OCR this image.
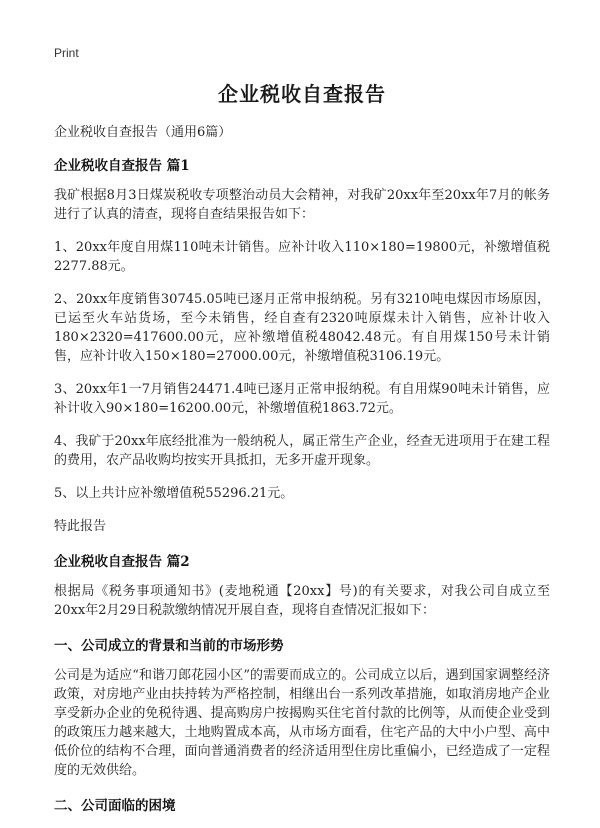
Print
企业税收自查报告
企业税收自查报告（通用6篇）
企业税收自查报告 篇1
我矿根据8月3日煤炭税收专项整治动员大会精神，对我矿20xx年至20xx年7月的帐务进行了认真的清查，现将自查结果报告如下：
1、20xx年度自用煤110吨未计销售。应补计收入110×180=19800元，补缴增值税2277.88元。
2、20xx年度销售30745.05吨已逐月正常申报纳税。另有3210吨电煤因市场原因，已运至火车站货场，至今未销售，经自查有2320吨原煤未计入销售，应补计收入180×2320=417600.00元，应补缴增值税48042.48元。有自用煤150号未计销售，应补计收入150×180=27000.00元，补缴增值税3106.19元。
3、20xx年1一7月销售24471.4吨已逐月正常申报纳税。有自用煤90吨未计销售，应补计收入90×180=16200.00元，补缴增值税1863.72元。
4、我矿于20xx年底经批准为一般纳税人，属正常生产企业，经查无进项用于在建工程的费用，农产品收购均按实开具抵扣，无多开虚开现象。
5、以上共计应补缴增值税55296.21元。
特此报告
企业税收自查报告 篇2
根据局《税务事项通知书》(麦地税通【20xx】号)的有关要求，对我公司自成立至20xx年2月29日税款缴纳情况开展自查，现将自查情况汇报如下：
一、公司成立的背景和当前的市场形势
公司是为适应“和谐刀郎花园小区”的需要而成立的。公司成立以后，遇到国家调整经济政策，对房地产业由扶持转为严格控制，相继出台一系列改革措施，如取消房地产企业享受新办企业的免税待遇、提高购房户按揭购买住宅首付款的比例等，从而使企业受到的政策压力越来越大，土地购置成本高，从市场方面看，住宅产品的大中小户型、高中低价位的结构不合理，面向普通消费者的经济适用型住房比重偏小，已经造成了一定程度的无效供给。
二、公司面临的困境
